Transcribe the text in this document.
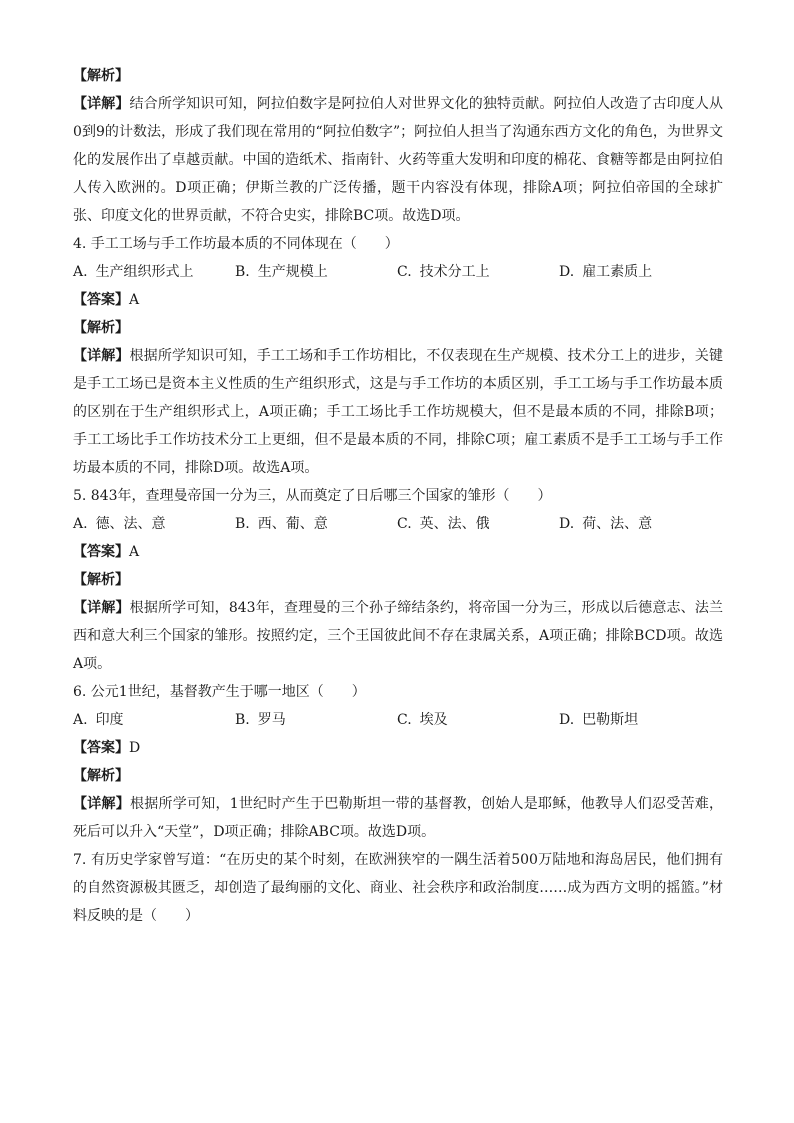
【解析】

【详解】结合所学知识可知，阿拉伯数字是阿拉伯人对世界文化的独特贡献。阿拉伯人改造了古印度人从0到9的计数法，形成了我们现在常用的“阿拉伯数字”；阿拉伯人担当了沟通东西方文化的角色，为世界文化的发展作出了卓越贡献。中国的造纸术、指南针、火药等重大发明和印度的棉花、食糖等都是由阿拉伯人传入欧洲的。D项正确；伊斯兰教的广泛传播，题干内容没有体现，排除A项；阿拉伯帝国的全球扩张、印度文化的世界贡献，不符合史实，排除BC项。故选D项。

4. 手工工场与手工作坊最本质的不同体现在（　　）
A. 生产组织形式上	B. 生产规模上	C. 技术分工上	D. 雇工素质上
【答案】A
【解析】

【详解】根据所学知识可知，手工工场和手工作坊相比，不仅表现在生产规模、技术分工上的进步，关键是手工工场已是资本主义性质的生产组织形式，这是与手工作坊的本质区别，手工工场与手工作坊最本质的区别在于生产组织形式上，A项正确；手工工场比手工作坊规模大，但不是最本质的不同，排除B项；手工工场比手工作坊技术分工上更细，但不是最本质的不同，排除C项；雇工素质不是手工工场与手工作坊最本质的不同，排除D项。故选A项。

5. 843年，查理曼帝国一分为三，从而奠定了日后哪三个国家的雏形（　　）
A. 德、法、意	B. 西、葡、意	C. 英、法、俄	D. 荷、法、意
【答案】A
【解析】

【详解】根据所学可知，843年，查理曼的三个孙子缔结条约，将帝国一分为三，形成以后德意志、法兰西和意大利三个国家的雏形。按照约定，三个王国彼此间不存在隶属关系，A项正确；排除BCD项。故选A项。

6. 公元1世纪，基督教产生于哪一地区（　　）
A. 印度	B. 罗马	C. 埃及	D. 巴勒斯坦
【答案】D
【解析】

【详解】根据所学可知，1世纪时产生于巴勒斯坦一带的基督教，创始人是耶稣，他教导人们忍受苦难，死后可以升入“天堂”，D项正确；排除ABC项。故选D项。

7. 有历史学家曾写道：“在历史的某个时刻，在欧洲狭窄的一隅生活着500万陆地和海岛居民，他们拥有的自然资源极其匮乏，却创造了最绚丽的文化、商业、社会秩序和政治制度……成为西方文明的摇篮。”材料反映的是（　　）
